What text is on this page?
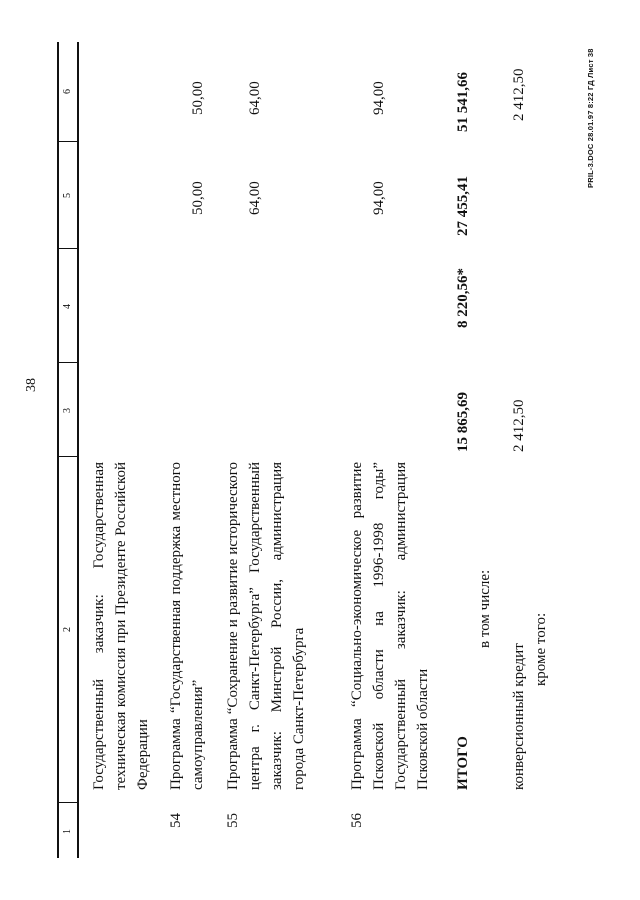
38
1
2
3
4
5
6
Государственный заказчик: Государственная техническая комиссия при Президенте Российской Федерации
54
Программа “Государственная поддержка местного самоуправления”
50,00
50,00
55
Программа “Сохранение и развитие исторического центра г. Санкт-Петербурга” Государственный заказчик: Минстрой России, администрация города Санкт-Петербурга
64,00
64,00
56
Программа “Социально-экономическое развитие Псковской области на 1996-1998 годы” Государственный заказчик: администрация Псковской области
94,00
94,00
ИТОГО
15 865,69
8 220,56*
27 455,41
51 541,66
в том числе:
конверсионный кредит
2 412,50
2 412,50
кроме того:
PRIL-3.DOC 28.01.97 8:22 ГД Лист 38
